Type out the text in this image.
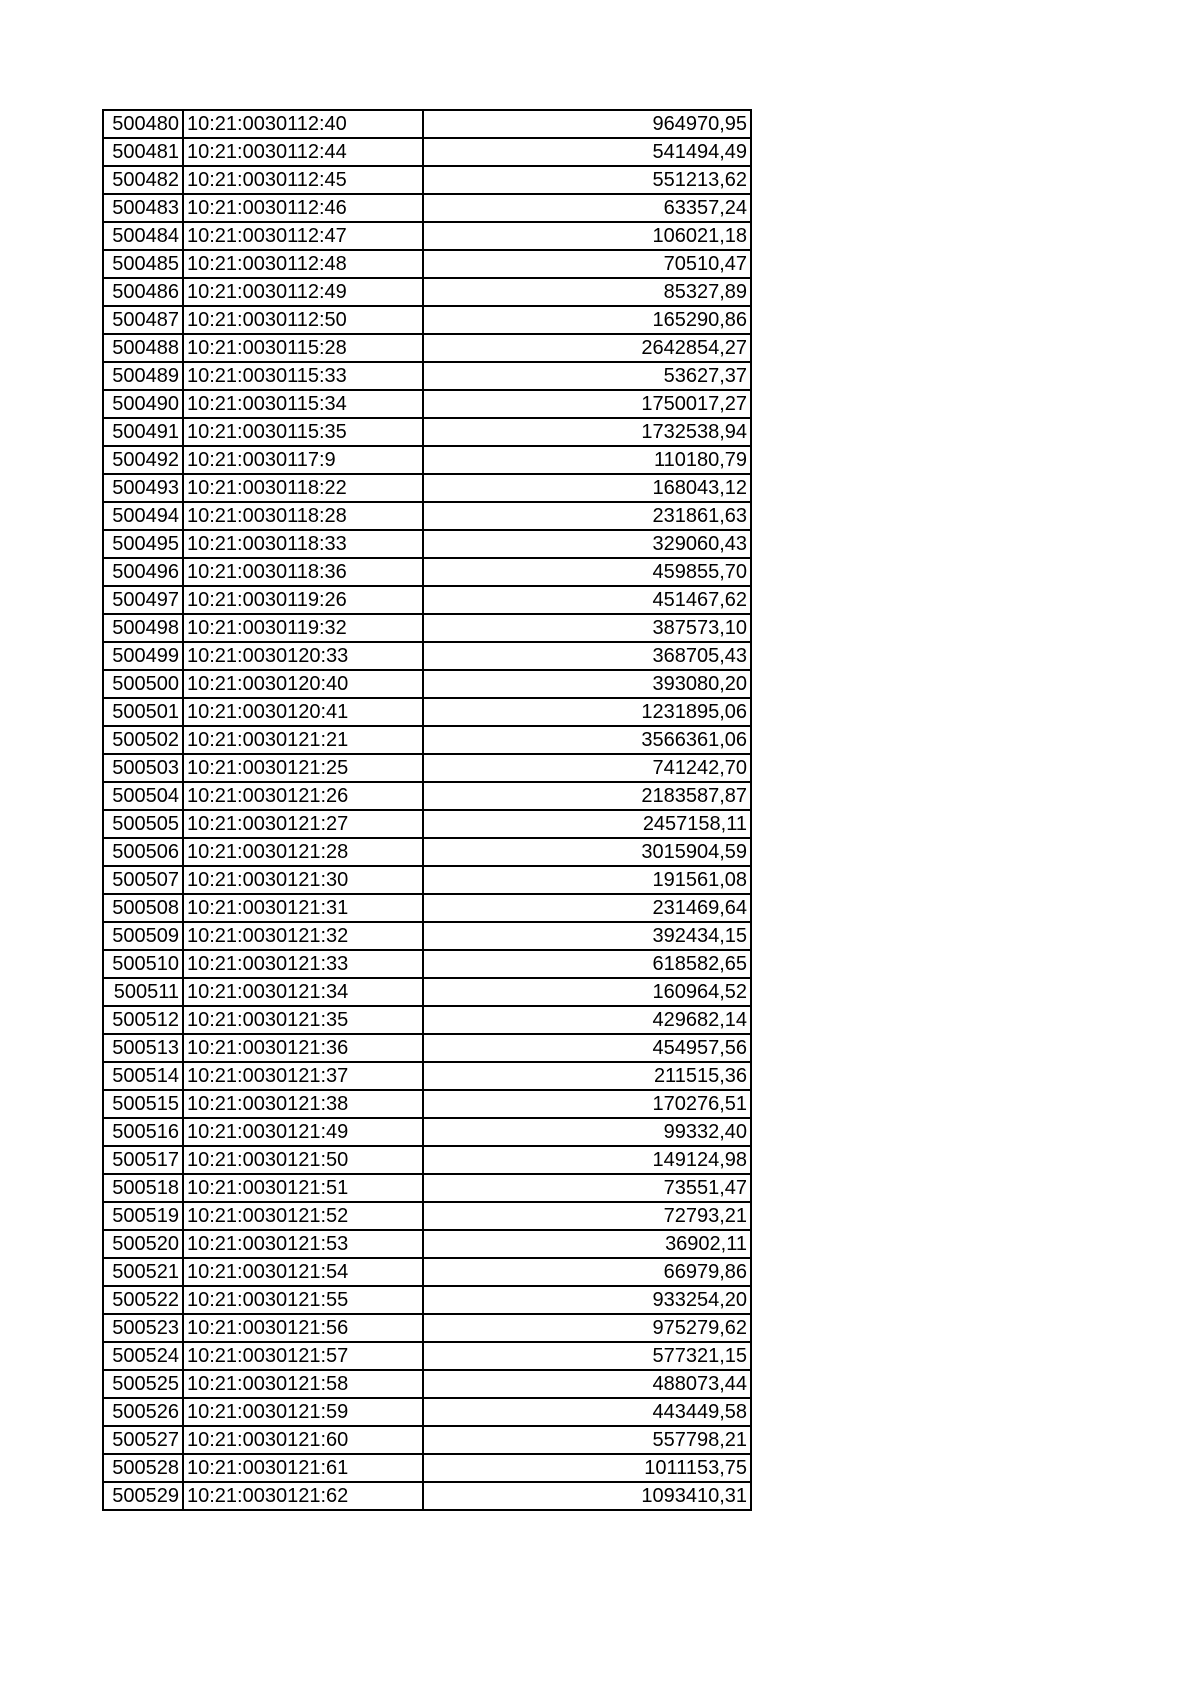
500480	10:21:0030112:40	964970,95
500481	10:21:0030112:44	541494,49
500482	10:21:0030112:45	551213,62
500483	10:21:0030112:46	63357,24
500484	10:21:0030112:47	106021,18
500485	10:21:0030112:48	70510,47
500486	10:21:0030112:49	85327,89
500487	10:21:0030112:50	165290,86
500488	10:21:0030115:28	2642854,27
500489	10:21:0030115:33	53627,37
500490	10:21:0030115:34	1750017,27
500491	10:21:0030115:35	1732538,94
500492	10:21:0030117:9	110180,79
500493	10:21:0030118:22	168043,12
500494	10:21:0030118:28	231861,63
500495	10:21:0030118:33	329060,43
500496	10:21:0030118:36	459855,70
500497	10:21:0030119:26	451467,62
500498	10:21:0030119:32	387573,10
500499	10:21:0030120:33	368705,43
500500	10:21:0030120:40	393080,20
500501	10:21:0030120:41	1231895,06
500502	10:21:0030121:21	3566361,06
500503	10:21:0030121:25	741242,70
500504	10:21:0030121:26	2183587,87
500505	10:21:0030121:27	2457158,11
500506	10:21:0030121:28	3015904,59
500507	10:21:0030121:30	191561,08
500508	10:21:0030121:31	231469,64
500509	10:21:0030121:32	392434,15
500510	10:21:0030121:33	618582,65
500511	10:21:0030121:34	160964,52
500512	10:21:0030121:35	429682,14
500513	10:21:0030121:36	454957,56
500514	10:21:0030121:37	211515,36
500515	10:21:0030121:38	170276,51
500516	10:21:0030121:49	99332,40
500517	10:21:0030121:50	149124,98
500518	10:21:0030121:51	73551,47
500519	10:21:0030121:52	72793,21
500520	10:21:0030121:53	36902,11
500521	10:21:0030121:54	66979,86
500522	10:21:0030121:55	933254,20
500523	10:21:0030121:56	975279,62
500524	10:21:0030121:57	577321,15
500525	10:21:0030121:58	488073,44
500526	10:21:0030121:59	443449,58
500527	10:21:0030121:60	557798,21
500528	10:21:0030121:61	1011153,75
500529	10:21:0030121:62	1093410,31
